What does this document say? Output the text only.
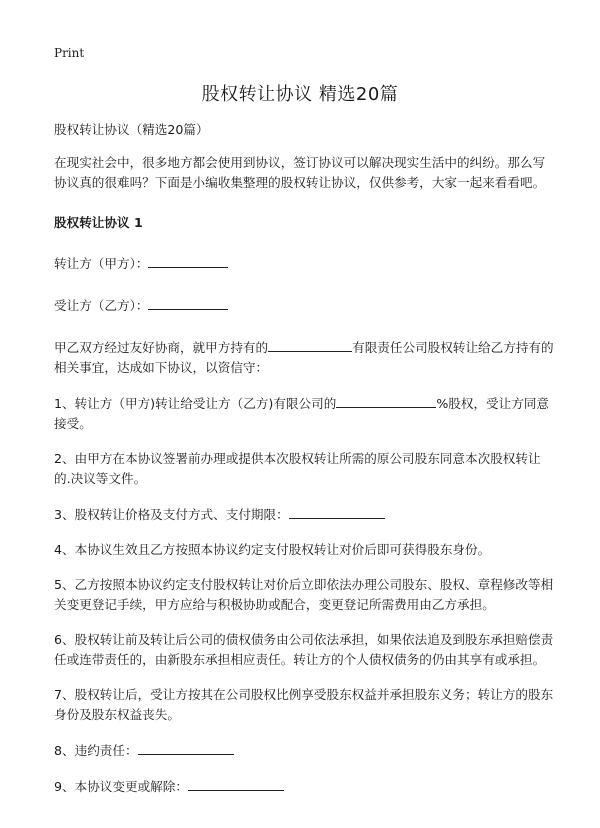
Print
股权转让协议 精选20篇

股权转让协议（精选20篇）

在现实社会中，很多地方都会使用到协议，签订协议可以解决现实生活中的纠纷。那么写协议真的很难吗？下面是小编收集整理的股权转让协议，仅供参考，大家一起来看看吧。

股权转让协议 1

转让方（甲方）：

受让方（乙方）：

甲乙双方经过友好协商，就甲方持有的	有限责任公司股权转让给乙方持有的相关事宜，达成如下协议，以资信守：

1、转让方（甲方)转让给受让方（乙方)有限公司的	%股权，受让方同意接受。

2、由甲方在本协议签署前办理或提供本次股权转让所需的原公司股东同意本次股权转让的.决议等文件。

3、股权转让价格及支付方式、支付期限：

4、本协议生效且乙方按照本协议约定支付股权转让对价后即可获得股东身份。

5、乙方按照本协议约定支付股权转让对价后立即依法办理公司股东、股权、章程修改等相关变更登记手续，甲方应给与积极协助或配合，变更登记所需费用由乙方承担。

6、股权转让前及转让后公司的债权债务由公司依法承担，如果依法追及到股东承担赔偿责任或连带责任的，由新股东承担相应责任。转让方的个人债权债务的仍由其享有或承担。

7、股权转让后，受让方按其在公司股权比例享受股东权益并承担股东义务；转让方的股东身份及股东权益丧失。

8、违约责任：

9、本协议变更或解除：
